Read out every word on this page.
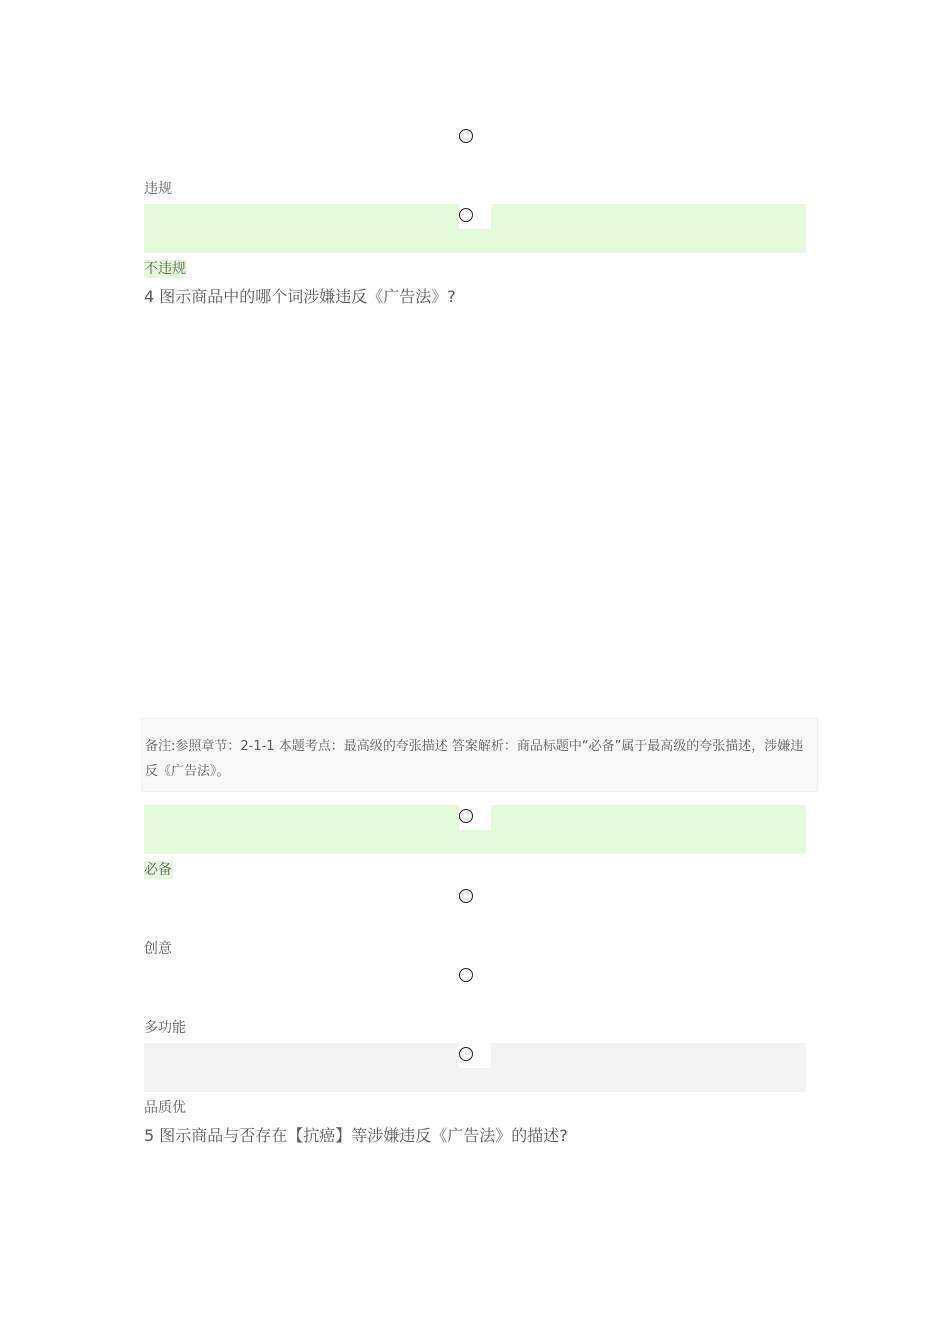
违规
不违规
4 图示商品中的哪个词涉嫌违反《广告法》?
备注:参照章节：2-1-1 本题考点：最高级的夸张描述 答案解析：商品标题中“必备”属于最高级的夸张描述，涉嫌违反《广告法》。
必备
创意
多功能
品质优
5 图示商品与否存在【抗癌】等涉嫌违反《广告法》的描述?
